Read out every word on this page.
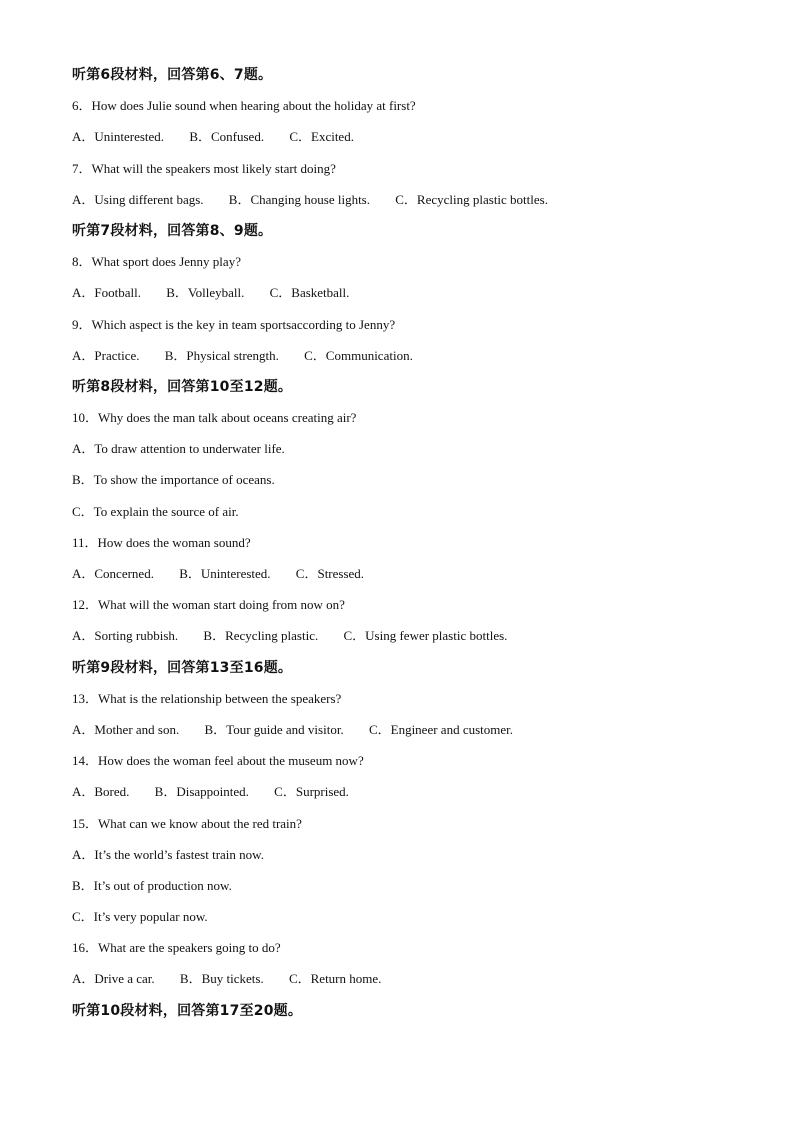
听第6段材料，回答第6、7题。
6．How does Julie sound when hearing about the holiday at first?
A．Uninterested. B．Confused. C．Excited.
7．What will the speakers most likely start doing?
A．Using different bags. B．Changing house lights. C．Recycling plastic bottles.
听第7段材料，回答第8、9题。
8．What sport does Jenny play?
A．Football. B．Volleyball. C．Basketball.
9．Which aspect is the key in team sportsaccording to Jenny?
A．Practice. B．Physical strength. C．Communication.
听第8段材料，回答第10至12题。
10．Why does the man talk about oceans creating air?
A．To draw attention to underwater life.
B．To show the importance of oceans.
C．To explain the source of air.
11．How does the woman sound?
A．Concerned. B．Uninterested. C．Stressed.
12．What will the woman start doing from now on?
A．Sorting rubbish. B．Recycling plastic. C．Using fewer plastic bottles.
听第9段材料，回答第13至16题。
13．What is the relationship between the speakers?
A．Mother and son. B．Tour guide and visitor. C．Engineer and customer.
14．How does the woman feel about the museum now?
A．Bored. B．Disappointed. C．Surprised.
15．What can we know about the red train?
A．It’s the world’s fastest train now.
B．It’s out of production now.
C．It’s very popular now.
16．What are the speakers going to do?
A．Drive a car. B．Buy tickets. C．Return home.
听第10段材料，回答第17至20题。
